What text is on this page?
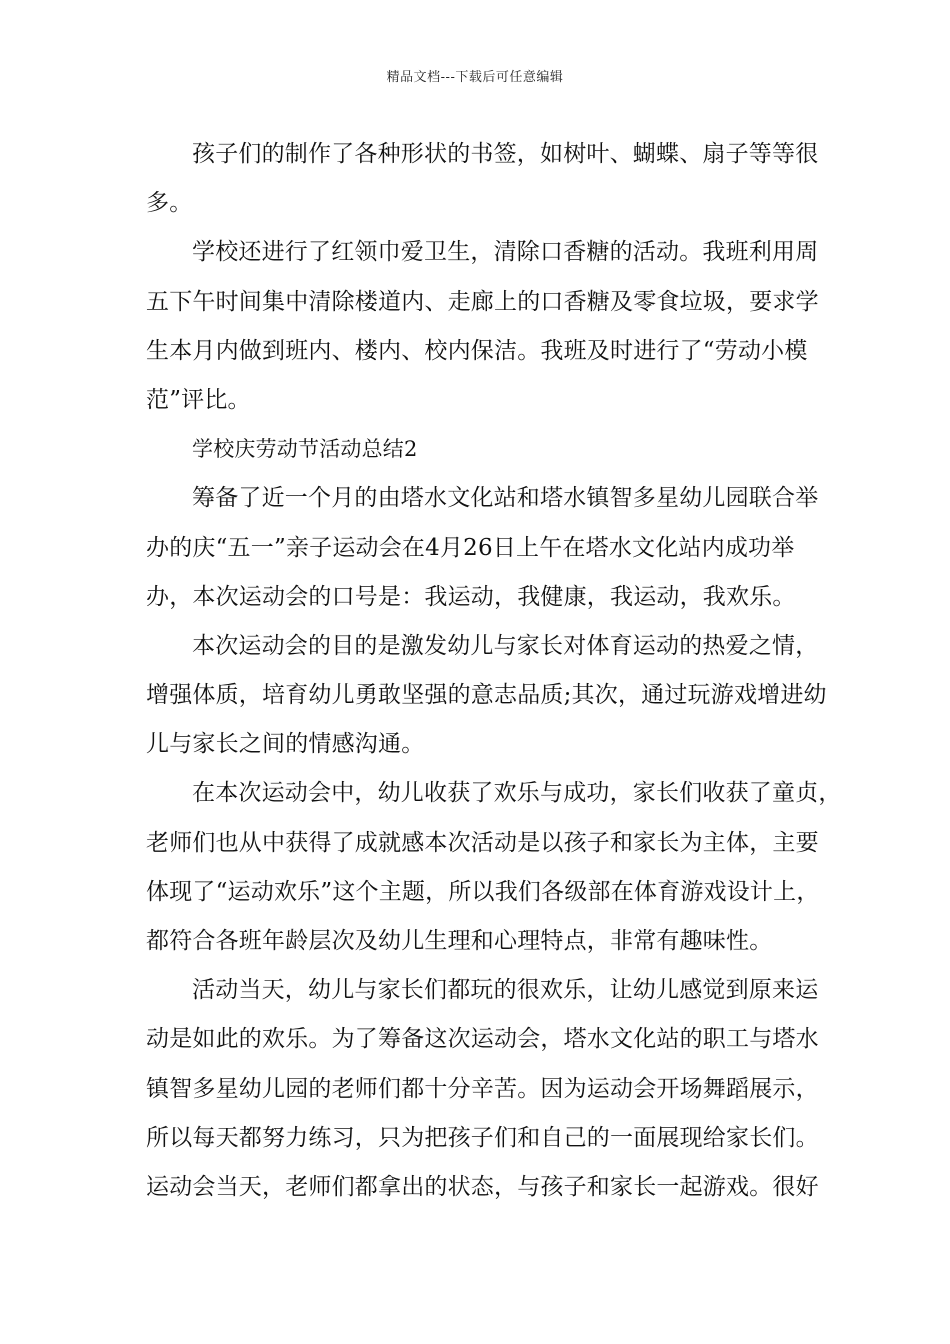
精品文档---下载后可任意编辑
孩子们的制作了各种形状的书签，如树叶、蝴蝶、扇子等等很
多。
学校还进行了红领巾爱卫生，清除口香糖的活动。我班利用周
五下午时间集中清除楼道内、走廊上的口香糖及零食垃圾，要求学
生本月内做到班内、楼内、校内保洁。我班及时进行了“劳动小模
范”评比。
学校庆劳动节活动总结2
筹备了近一个月的由塔水文化站和塔水镇智多星幼儿园联合举
办的庆“五一”亲子运动会在4月26日上午在塔水文化站内成功举
办，本次运动会的口号是：我运动，我健康，我运动，我欢乐。
本次运动会的目的是激发幼儿与家长对体育运动的热爱之情，
增强体质，培育幼儿勇敢坚强的意志品质;其次，通过玩游戏增进幼
儿与家长之间的情感沟通。
在本次运动会中，幼儿收获了欢乐与成功，家长们收获了童贞，
老师们也从中获得了成就感本次活动是以孩子和家长为主体，主要
体现了“运动欢乐”这个主题，所以我们各级部在体育游戏设计上，
都符合各班年龄层次及幼儿生理和心理特点，非常有趣味性。
活动当天，幼儿与家长们都玩的很欢乐，让幼儿感觉到原来运
动是如此的欢乐。为了筹备这次运动会，塔水文化站的职工与塔水
镇智多星幼儿园的老师们都十分辛苦。因为运动会开场舞蹈展示，
所以每天都努力练习，只为把孩子们和自己的一面展现给家长们。
运动会当天，老师们都拿出的状态，与孩子和家长一起游戏。很好
